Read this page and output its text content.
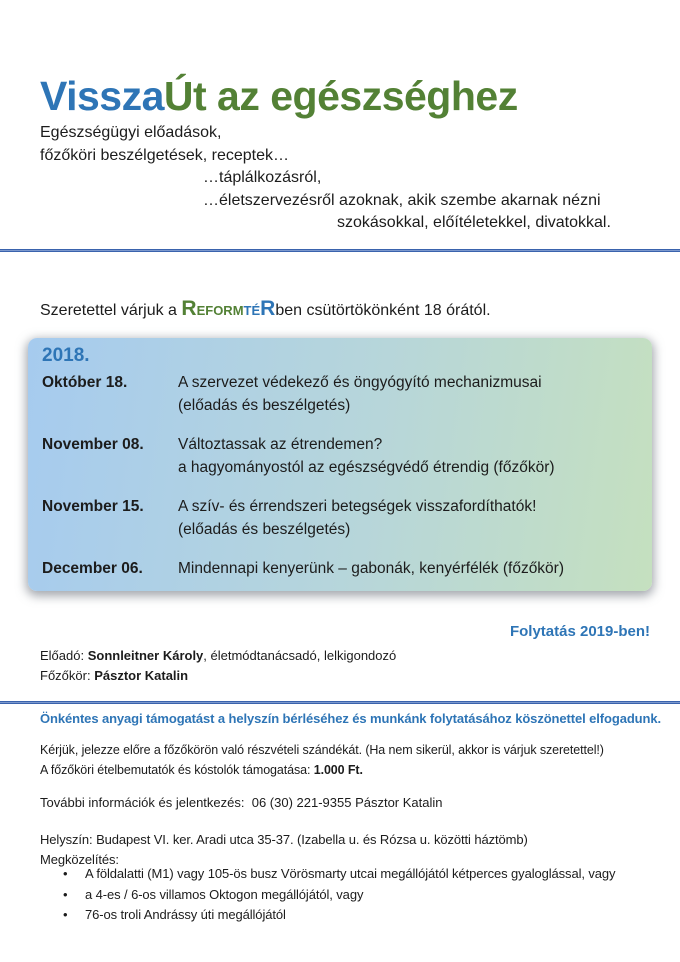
VisszaÚt az egészséghez
Egészségügyi előadások,
főzőköri beszélgetések, receptek…
…táplálkozásról,
…életszervezésről azoknak, akik szembe akarnak nézni
szokásokkal, előítéletekkel, divatokkal.

Szeretettel várjuk a REFORMTÉRben csütörtökönként 18 órától.

2018.
Október 18.	A szervezet védekező és öngyógyító mechanizmusai
(előadás és beszélgetés)
November 08.	Változtassak az étrendemen?
a hagyományostól az egészségvédő étrendig (főzőkör)
November 15.	A szív- és érrendszeri betegségek visszafordíthatók!
(előadás és beszélgetés)
December 06.	Mindennapi kenyerünk – gabonák, kenyérfélék (főzőkör)
Folytatás 2019-ben!
Előadó: Sonnleitner Károly, életmódtanácsadó, lelkigondozó
Főzőkör: Pásztor Katalin
Önkéntes anyagi támogatást a helyszín bérléséhez és munkánk folytatásához köszönettel elfogadunk.
Kérjük, jelezze előre a főzőkörön való részvételi szándékát. (Ha nem sikerül, akkor is várjuk szeretettel!)
A főzőköri ételbemutatók és kóstolók támogatása: 1.000 Ft.
További információk és jelentkezés:  06 (30) 221-9355 Pásztor Katalin
Helyszín: Budapest VI. ker. Aradi utca 35-37. (Izabella u. és Rózsa u. közötti háztömb)
Megközelítés:
•	A földalatti (M1) vagy 105-ös busz Vörösmarty utcai megállójától kétperces gyaloglással, vagy
•	a 4-es / 6-os villamos Oktogon megállójától, vagy
•	76-os troli Andrássy úti megállójától
